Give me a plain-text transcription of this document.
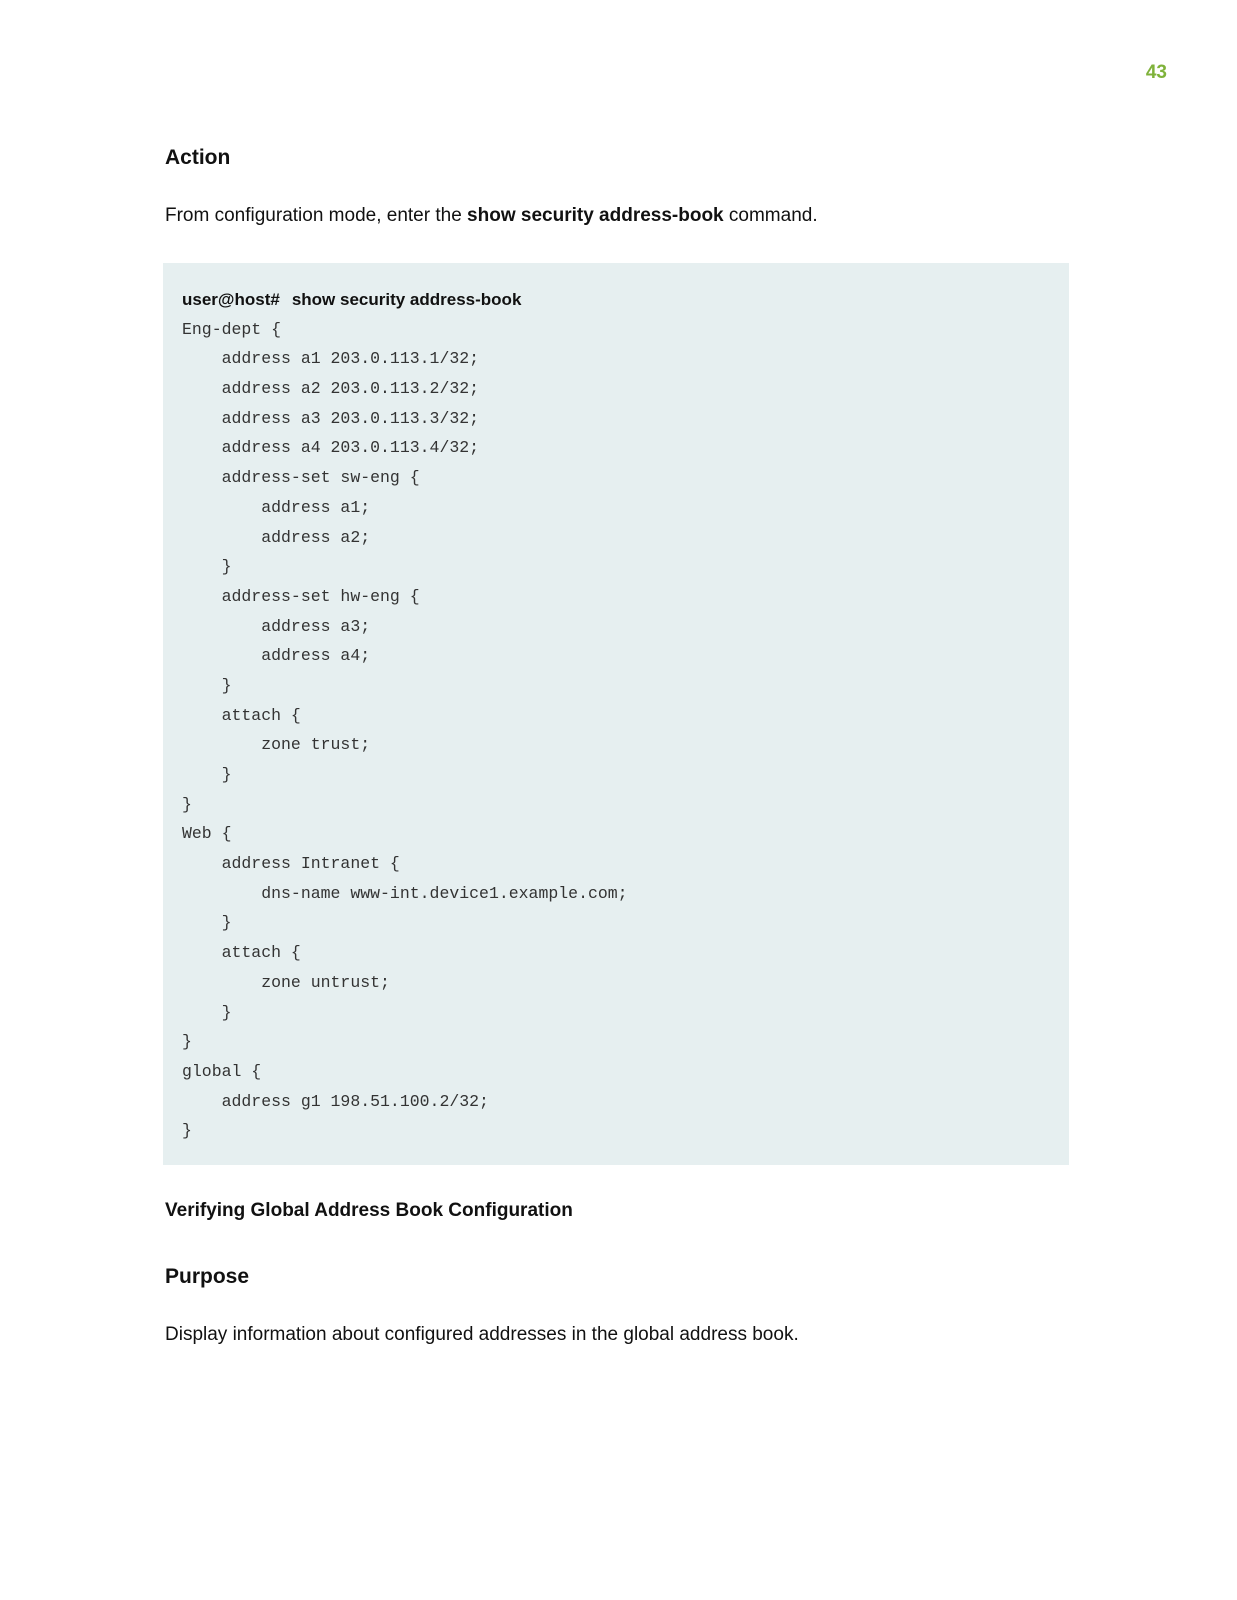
43
Action

From configuration mode, enter the show security address-book command.

user@host# show security address-book
Eng-dept {
address a1 203.0.113.1/32;
address a2 203.0.113.2/32;
address a3 203.0.113.3/32;
address a4 203.0.113.4/32;
address-set sw-eng {
address a1;
address a2;
}
address-set hw-eng {
address a3;
address a4;
}
attach {
zone trust;
}
}
Web {
address Intranet {
dns-name www-int.device1.example.com;
}
attach {
zone untrust;
}
}
global {
address g1 198.51.100.2/32;
}
Verifying Global Address Book Configuration
Purpose

Display information about configured addresses in the global address book.
